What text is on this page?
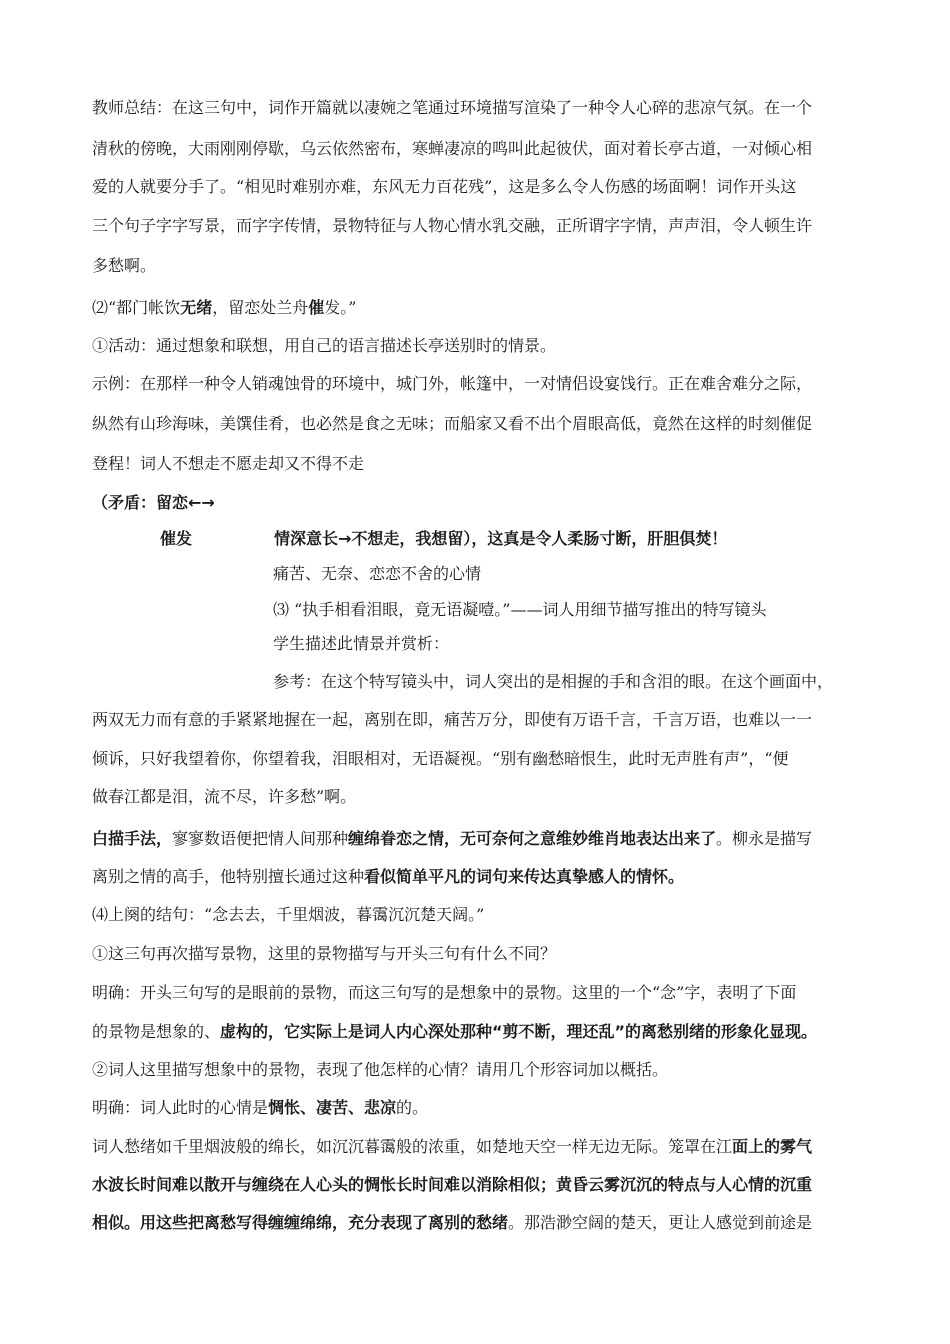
教师总结：在这三句中，词作开篇就以凄婉之笔通过环境描写渲染了一种令人心碎的悲凉气氛。在一个
清秋的傍晚，大雨刚刚停歇，乌云依然密布，寒蝉凄凉的鸣叫此起彼伏，面对着长亭古道，一对倾心相
爱的人就要分手了。“相见时难别亦难，东风无力百花残”，这是多么令人伤感的场面啊！词作开头这
三个句子字字写景，而字字传情，景物特征与人物心情水乳交融，正所谓字字情，声声泪，令人顿生许
多愁啊。
⑵“都门帐饮无绪，留恋处兰舟催发。”
①活动：通过想象和联想，用自己的语言描述长亭送别时的情景。
示例：在那样一种令人销魂蚀骨的环境中，城门外，帐篷中，一对情侣设宴饯行。正在难舍难分之际，
纵然有山珍海味，美馔佳肴，也必然是食之无味；而船家又看不出个眉眼高低，竟然在这样的时刻催促
登程！词人不想走不愿走却又不得不走
（矛盾：留恋←→
催发	情深意长→不想走，我想留），这真是令人柔肠寸断，肝胆俱焚！
痛苦、无奈、恋恋不舍的心情
⑶ “执手相看泪眼，竟无语凝噎。”——词人用细节描写推出的特写镜头
学生描述此情景并赏析：
参考：在这个特写镜头中，词人突出的是相握的手和含泪的眼。在这个画面中，
两双无力而有意的手紧紧地握在一起，离别在即，痛苦万分，即使有万语千言，千言万语，也难以一一
倾诉，只好我望着你，你望着我，泪眼相对，无语凝视。“别有幽愁暗恨生，此时无声胜有声”，“便
做春江都是泪，流不尽，许多愁”啊。
白描手法，寥寥数语便把情人间那种缠绵眷恋之情，无可奈何之意维妙维肖地表达出来了。柳永是描写
离别之情的高手，他特别擅长通过这种看似简单平凡的词句来传达真挚感人的情怀。
⑷上阕的结句：“念去去，千里烟波，暮霭沉沉楚天阔。”
①这三句再次描写景物，这里的景物描写与开头三句有什么不同？
明确：开头三句写的是眼前的景物，而这三句写的是想象中的景物。这里的一个“念”字，表明了下面
的景物是想象的、虚构的，它实际上是词人内心深处那种“剪不断，理还乱”的离愁别绪的形象化显现。
②词人这里描写想象中的景物，表现了他怎样的心情？请用几个形容词加以概括。
明确：词人此时的心情是惆怅、凄苦、悲凉的。
词人愁绪如千里烟波般的绵长，如沉沉暮霭般的浓重，如楚地天空一样无边无际。笼罩在江面上的雾气
水波长时间难以散开与缠绕在人心头的惆怅长时间难以消除相似；黄昏云雾沉沉的特点与人心情的沉重
相似。用这些把离愁写得缠缠绵绵，充分表现了离别的愁绪。那浩渺空阔的楚天，更让人感觉到前途是
